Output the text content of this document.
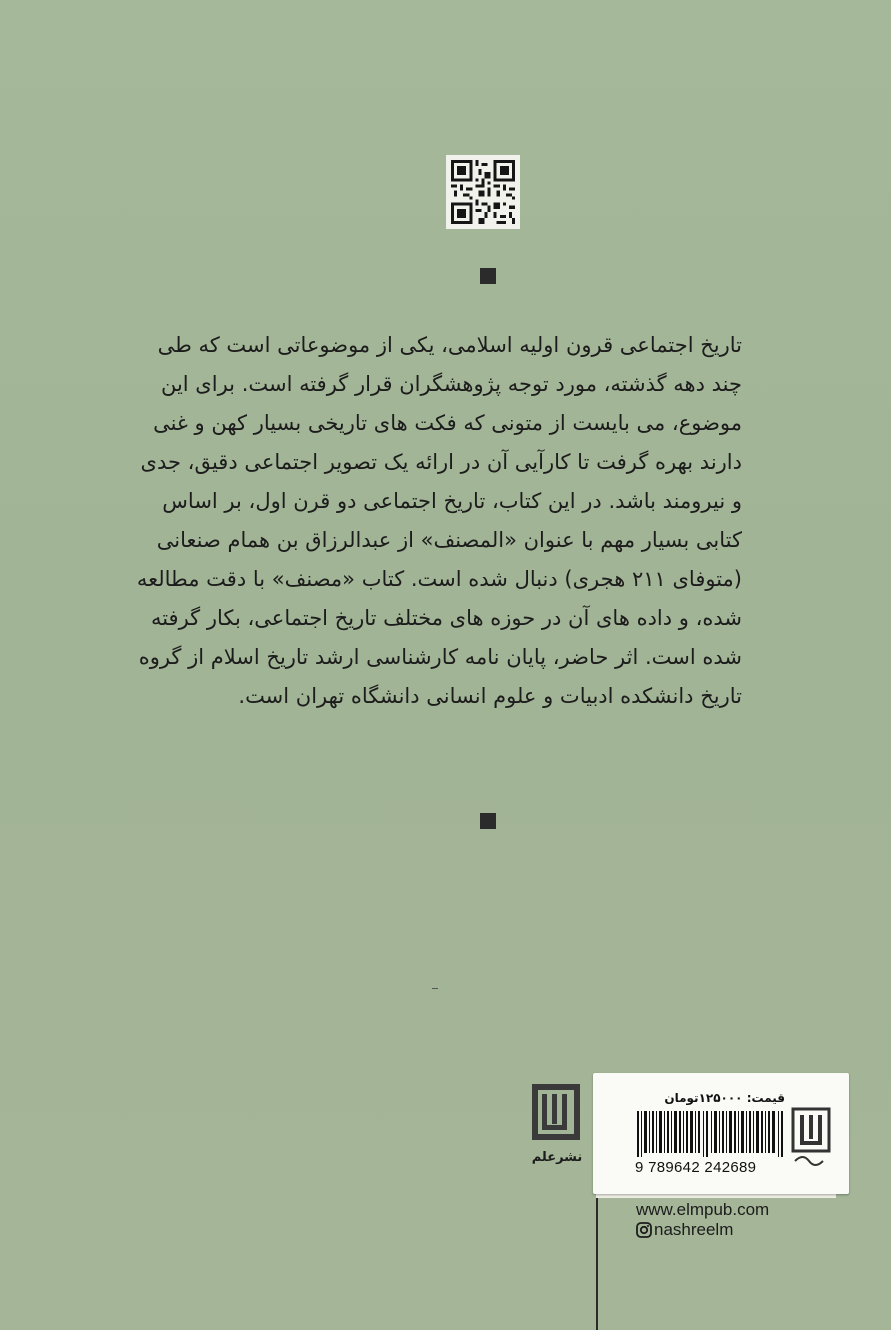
تاریخ اجتماعی قرون اولیه اسلامی، یکی از موضوعاتی است که طی
چند دهه گذشته، مورد توجه پژوهشگران قرار گرفته است. برای این
موضوع، می بایست از متونی که فکت های تاریخی بسیار کهن و غنی
دارند بهره گرفت تا کارآیی آن در ارائه یک تصویر اجتماعی دقیق، جدی
و نیرومند باشد. در این کتاب، تاریخ اجتماعی دو قرن اول، بر اساس
کتابی بسیار مهم با عنوان «المصنف» از عبدالرزاق بن همام صنعانی
(متوفای ۲۱۱ هجری) دنبال شده است. کتاب «مصنف» با دقت مطالعه
شده، و داده های آن در حوزه های مختلف تاریخ اجتماعی، بکار گرفته
شده است. اثر حاضر، پایان نامه کارشناسی ارشد تاریخ اسلام از گروه
تاریخ دانشکده ادبیات و علوم انسانی دانشگاه تهران است.

نشرعلم
قیمت: ۱۲۵۰۰۰تومان
9 789642 242689
www.elmpub.com
nashreelm
